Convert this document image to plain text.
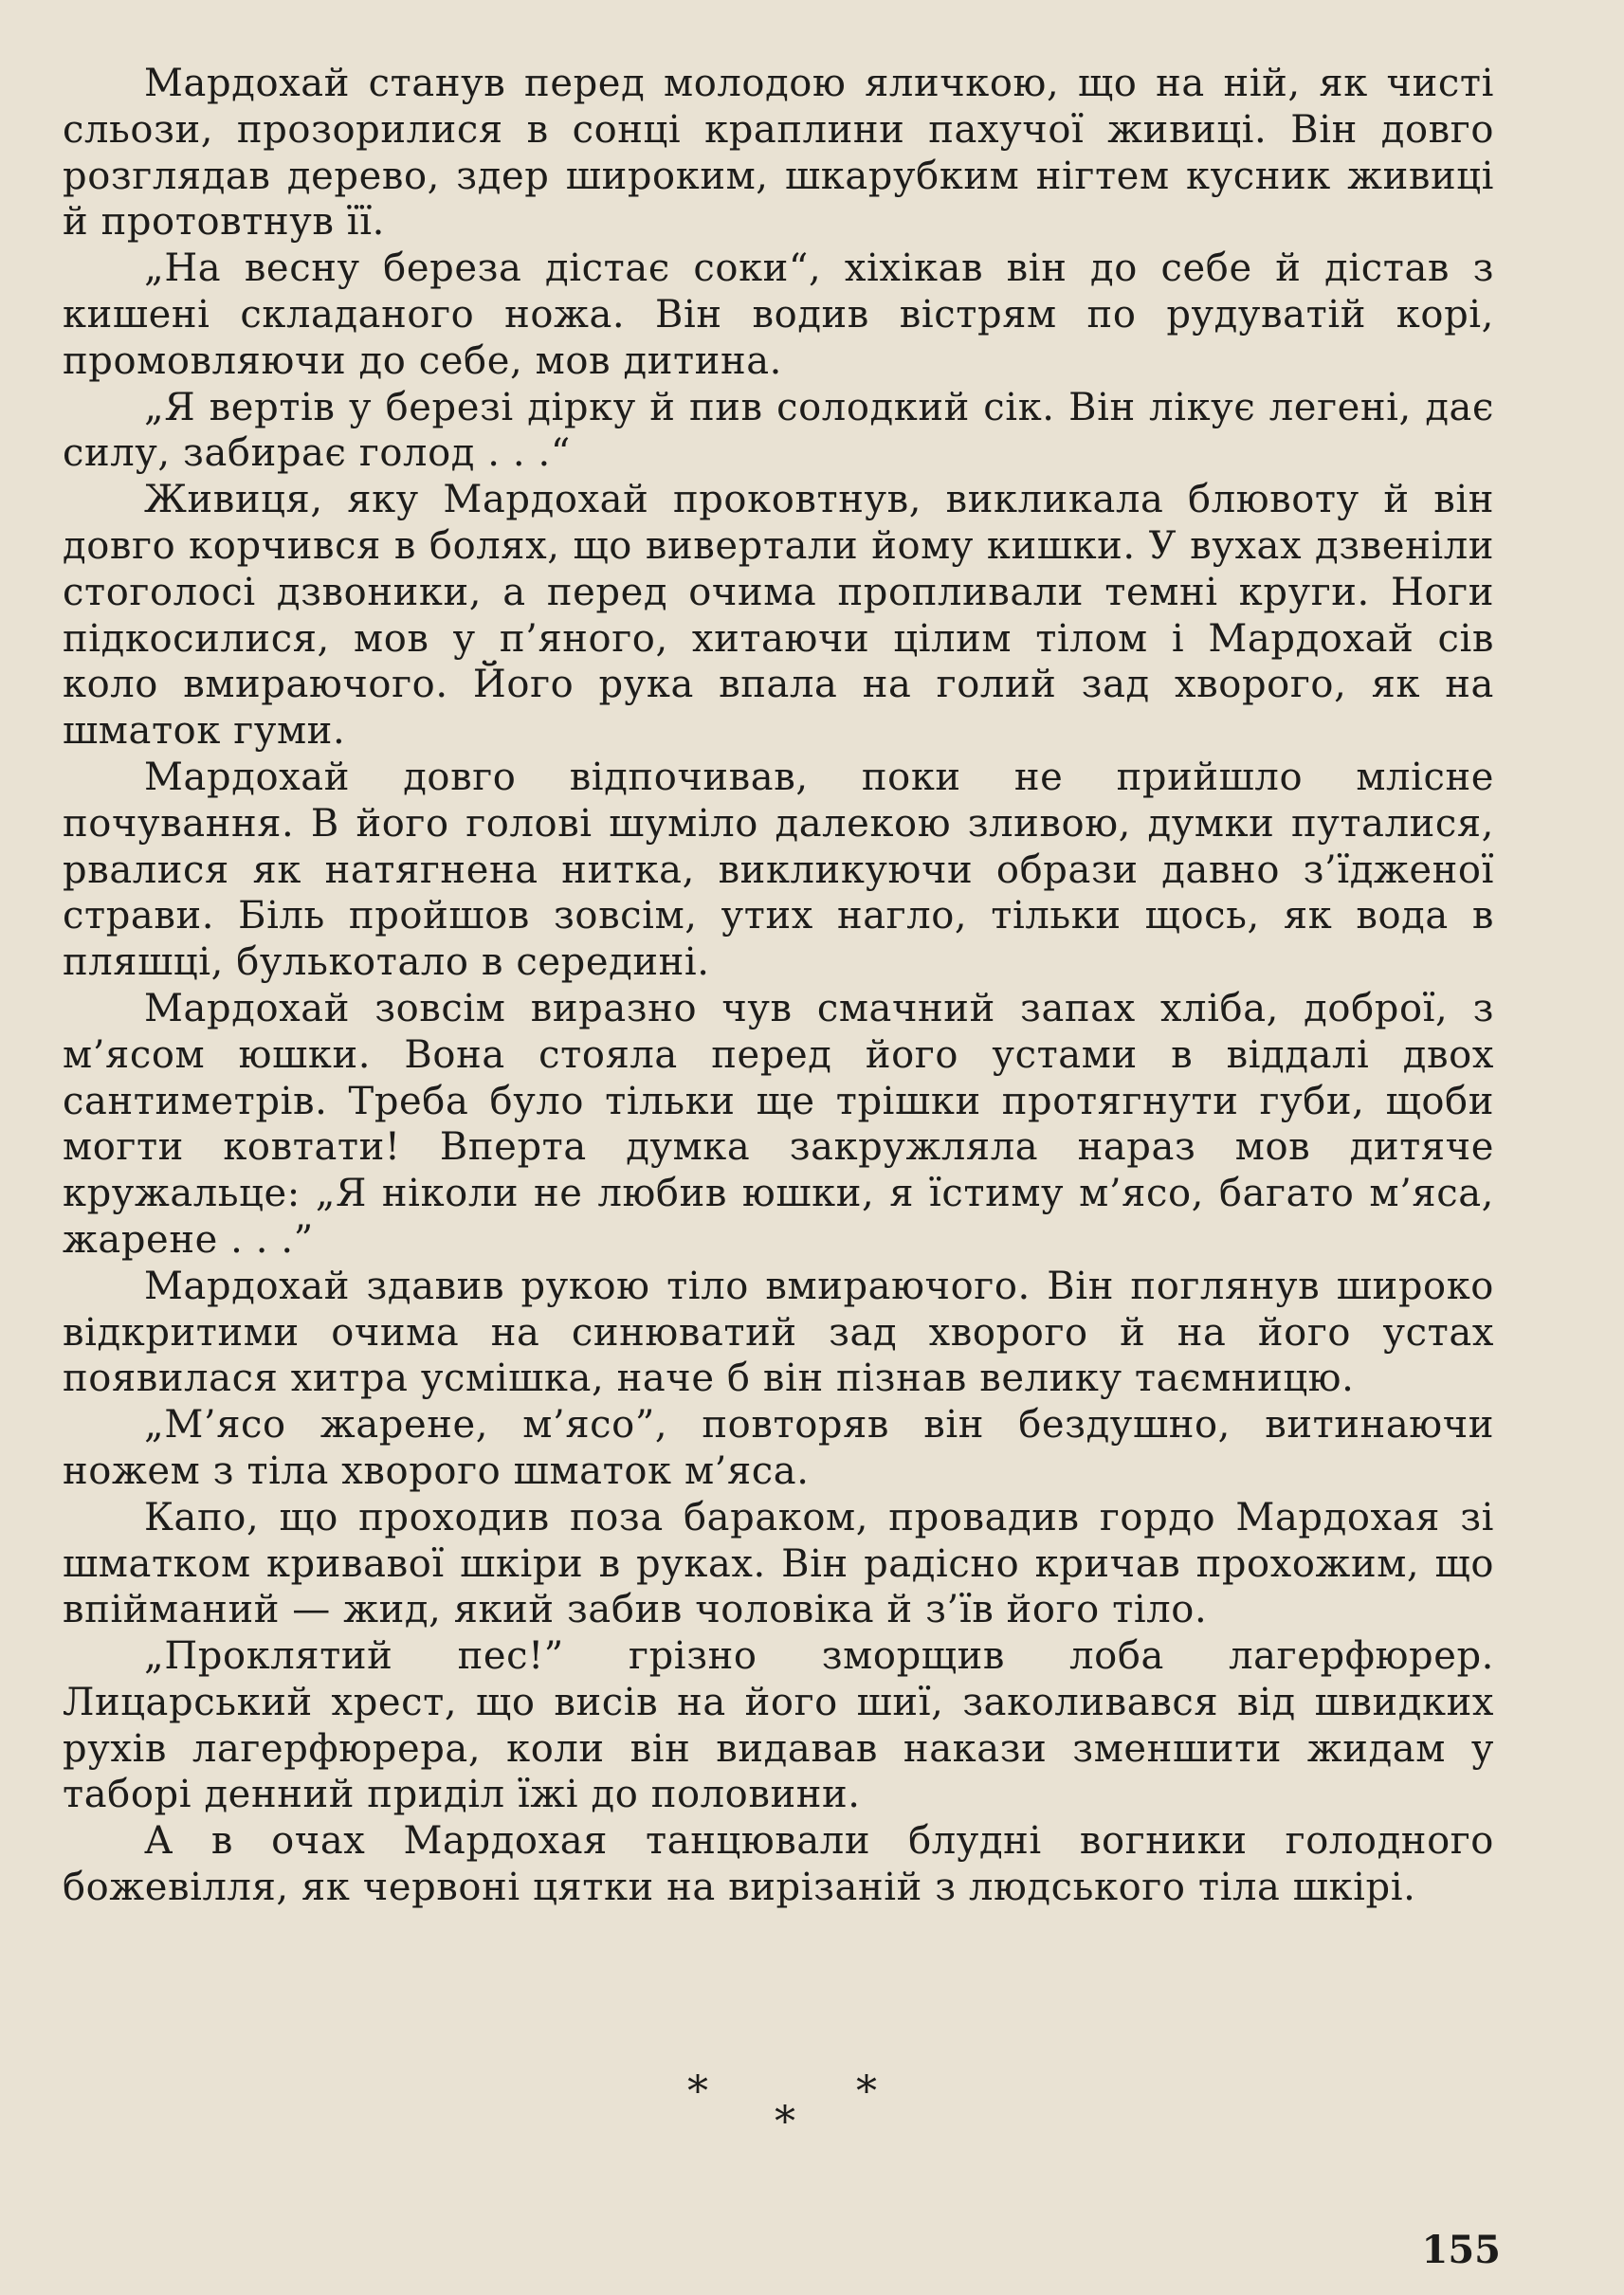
Мардохай станув перед молодою яличкою, що на ній, як чисті сльози, прозорилися в сонці краплини пахучої живиці. Він довго розглядав дерево, здер широким, шкарубким нігтем кусник живиці й протовтнув її.

„На весну береза дістає соки“, хіхікав він до себе й дістав з кишені складаного ножа. Він водив вістрям по рудуватій корі, промовляючи до себе, мов дитина.

„Я вертів у березі дірку й пив солодкий сік. Він лікує легені, дає силу, забирає голод . . .“

Живиця, яку Мардохай проковтнув, викликала блювоту й він довго корчився в болях, що вивертали йому кишки. У вухах дзвеніли стоголосі дзвоники, а перед очима пропливали темні круги. Ноги підкосилися, мов у п’яного, хитаючи цілим тілом і Мардохай сів коло вмираючого. Його рука впала на голий зад хворого, як на шматок гуми.

Мардохай довго відпочивав, поки не прийшло млісне почування. В його голові шуміло далекою зливою, думки путалися, рвалися як натягнена нитка, викликуючи образи давно з’їдженої страви. Біль пройшов зовсім, утих нагло, тільки щось, як вода в пляшці, булькотало в середині.

Мардохай зовсім виразно чув смачний запах хліба, доброї, з м’ясом юшки. Вона стояла перед його устами в віддалі двох сантиметрів. Треба було тільки ще трішки протягнути губи, щоби могти ковтати! Вперта думка закружляла нараз мов дитяче кружальце: „Я ніколи не любив юшки, я їстиму м’ясо, багато м’яса, жарене . . .”

Мардохай здавив рукою тіло вмираючого. Він поглянув широко відкритими очима на синюватий зад хворого й на його устах появилася хитра усмішка, наче б він пізнав велику таємницю.

„М’ясо жарене, м’ясо”, повторяв він бездушно, витинаючи ножем з тіла хворого шматок м’яса.

Капо, що проходив поза бараком, провадив гордо Мардохая зі шматком кривавої шкіри в руках. Він радісно кричав прохожим, що впійманий — жид, який забив чоловіка й з’їв його тіло.

„Проклятий пес!” грізно зморщив лоба лагерфюрер. Лицарський хрест, що висів на його шиї, заколивався від швидких рухів лагерфюрера, коли він видавав накази зменшити жидам у таборі денний приділ їжі до половини.

А в очах Мардохая танцювали блудні вогники голодного божевілля, як червоні цятки на вирізаній з людського тіла шкірі.

*
*
*
155
